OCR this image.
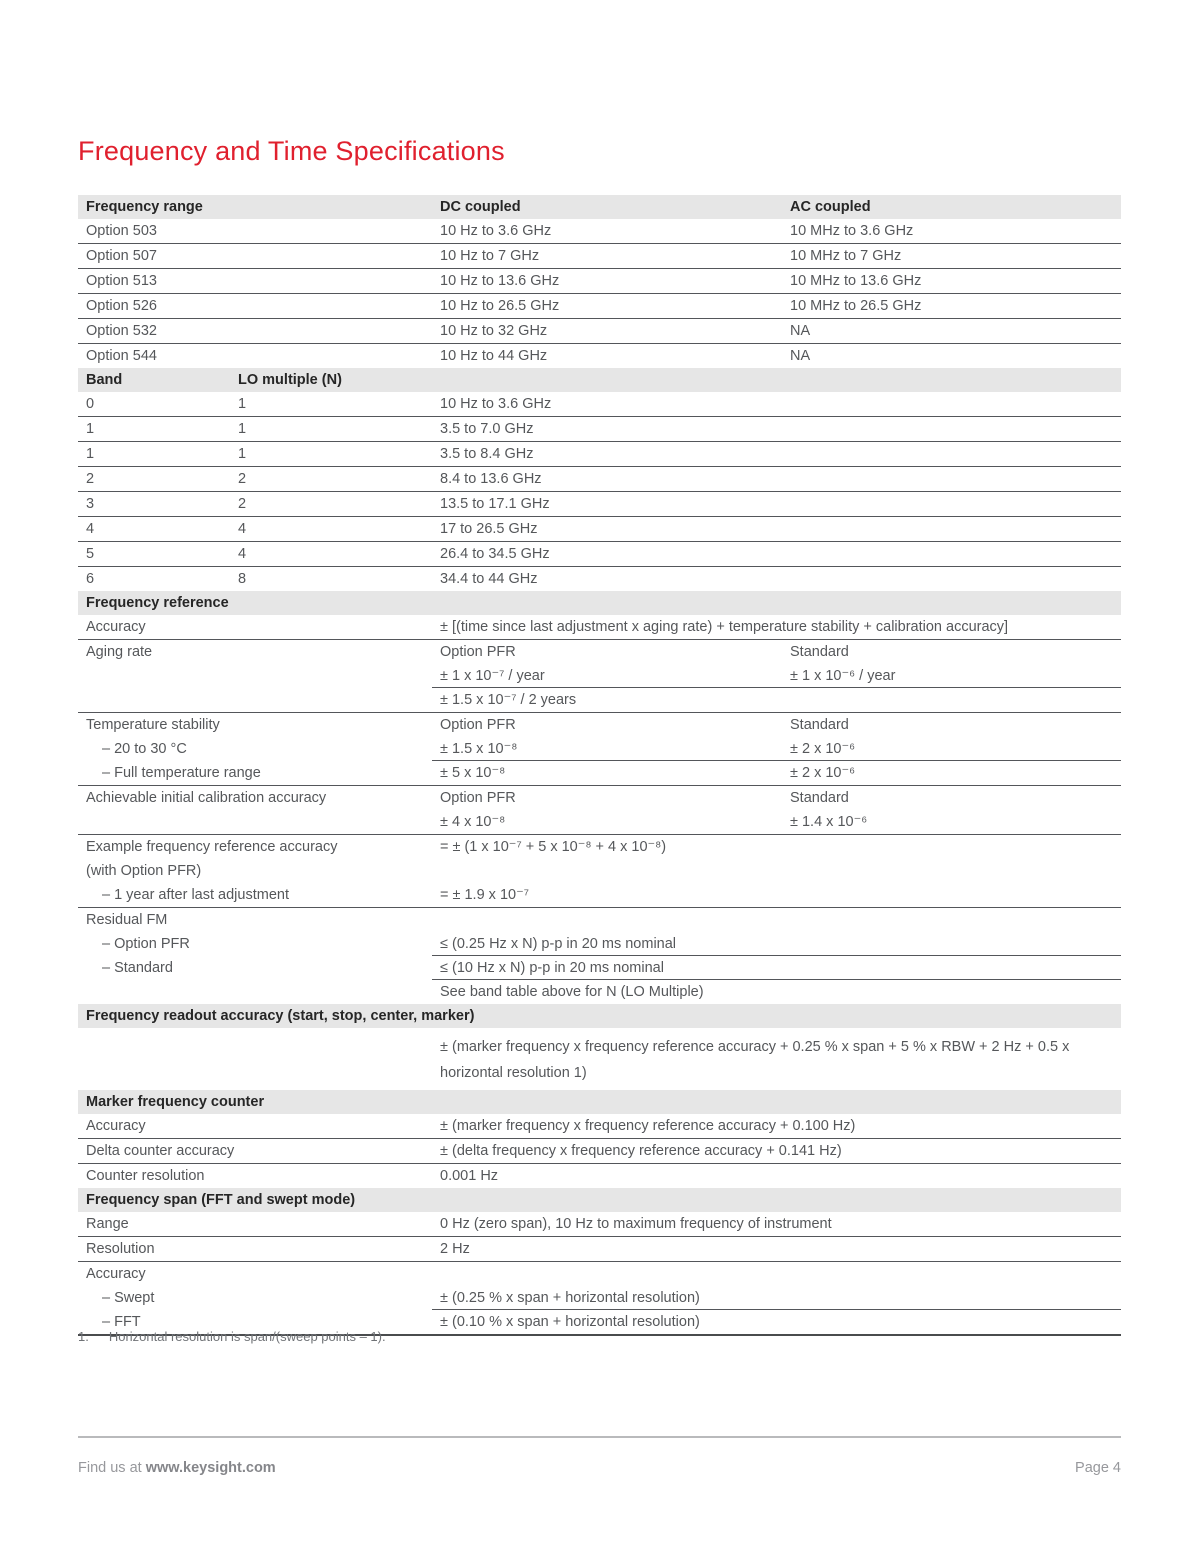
Frequency and Time Specifications
Frequency range	DC coupled	AC coupled
Option 503	10 Hz to 3.6 GHz	10 MHz to 3.6 GHz
Option 507	10 Hz to 7 GHz	10 MHz to 7 GHz
Option 513	10 Hz to 13.6 GHz	10 MHz to 13.6 GHz
Option 526	10 Hz to 26.5 GHz	10 MHz to 26.5 GHz
Option 532	10 Hz to 32 GHz	NA
Option 544	10 Hz to 44 GHz	NA
Band	LO multiple (N)
0	1	10 Hz to 3.6 GHz
1	1	3.5 to 7.0 GHz
1	1	3.5 to 8.4 GHz
2	2	8.4 to 13.6 GHz
3	2	13.5 to 17.1 GHz
4	4	17 to 26.5 GHz
5	4	26.4 to 34.5 GHz
6	8	34.4 to 44 GHz
Frequency reference
Accuracy	± [(time since last adjustment x aging rate) + temperature stability + calibration accuracy]
Aging rate	Option PFR	Standard
± 1 x 10⁻⁷ / year	± 1 x 10⁻⁶ / year
± 1.5 x 10⁻⁷ / 2 years
Temperature stability	Option PFR	Standard
– 20 to 30 °C	± 1.5 x 10⁻⁸	± 2 x 10⁻⁶
– Full temperature range	± 5 x 10⁻⁸	± 2 x 10⁻⁶
Achievable initial calibration accuracy	Option PFR	Standard
± 4 x 10⁻⁸	± 1.4 x 10⁻⁶
Example frequency reference accuracy	= ± (1 x 10⁻⁷ + 5 x 10⁻⁸ + 4 x 10⁻⁸)
(with Option PFR)
– 1 year after last adjustment	= ± 1.9 x 10⁻⁷
Residual FM
– Option PFR	≤ (0.25 Hz x N) p-p in 20 ms nominal
– Standard	≤ (10 Hz x N) p-p in 20 ms nominal
See band table above for N (LO Multiple)
Frequency readout accuracy (start, stop, center, marker)
± (marker frequency x frequency reference accuracy + 0.25 % x span + 5 % x RBW + 2 Hz + 0.5 x horizontal resolution 1)
Marker frequency counter
Accuracy	± (marker frequency x frequency reference accuracy + 0.100 Hz)
Delta counter accuracy	± (delta frequency x frequency reference accuracy + 0.141 Hz)
Counter resolution	0.001 Hz
Frequency span (FFT and swept mode)
Range	0 Hz (zero span), 10 Hz to maximum frequency of instrument
Resolution	2 Hz
Accuracy
– Swept	± (0.25 % x span + horizontal resolution)
– FFT	± (0.10 % x span + horizontal resolution)
1. Horizontal resolution is span/(sweep points – 1).
Find us at www.keysight.com	Page 4
